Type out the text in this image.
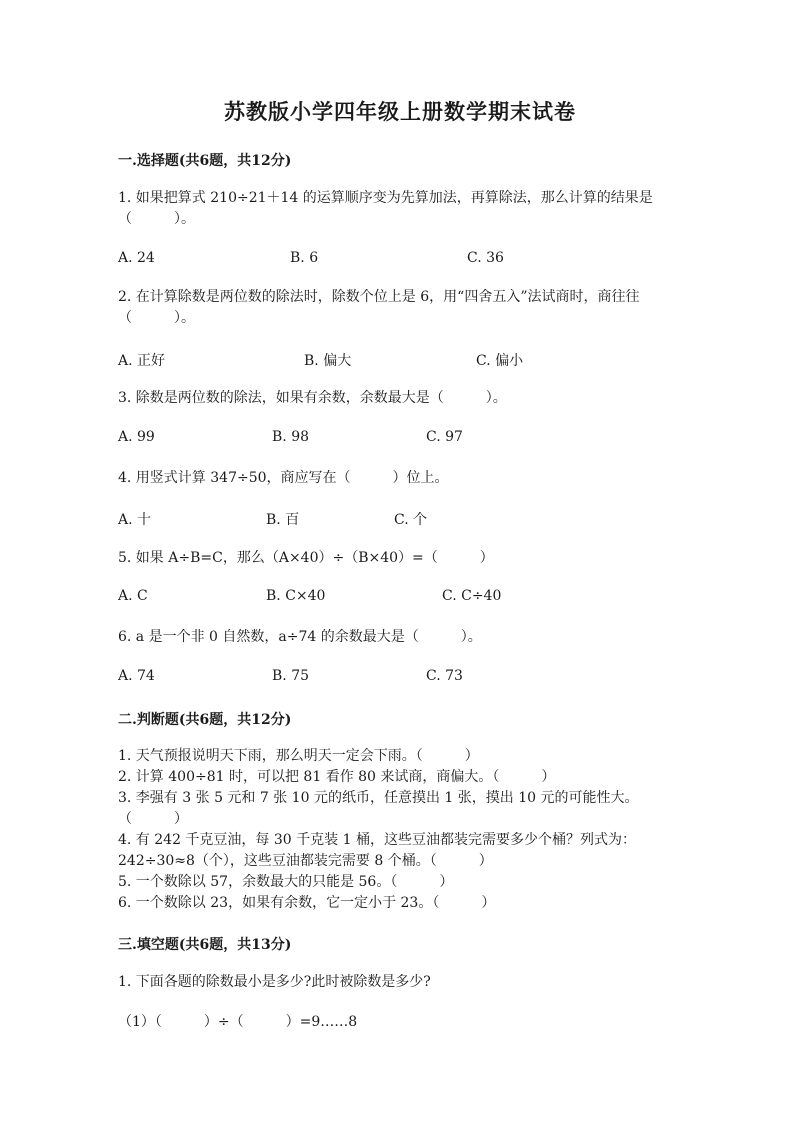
苏教版小学四年级上册数学期末试卷
一.选择题(共6题，共12分)
1. 如果把算式 210÷21＋14 的运算顺序变为先算加法，再算除法，那么计算的结果是（　　　）。
A. 24	B. 6	C. 36
2. 在计算除数是两位数的除法时，除数个位上是 6，用“四舍五入”法试商时，商往往（　　　）。
A. 正好	B. 偏大	C. 偏小
3. 除数是两位数的除法，如果有余数，余数最大是（　　　）。
A. 99	B. 98	C. 97
4. 用竖式计算 347÷50，商应写在（　　　）位上。
A. 十	B. 百	C. 个
5. 如果 A÷B=C，那么（A×40）÷（B×40）=（　　　）
A. C	B. C×40	C. C÷40
6. a 是一个非 0 自然数，a÷74 的余数最大是（　　　）。
A. 74	B. 75	C. 73
二.判断题(共6题，共12分)
1. 天气预报说明天下雨，那么明天一定会下雨。（　　　）
2. 计算 400÷81 时，可以把 81 看作 80 来试商，商偏大。（　　　）
3. 李强有 3 张 5 元和 7 张 10 元的纸币，任意摸出 1 张，摸出 10 元的可能性大。（　　　）
4. 有 242 千克豆油，每 30 千克装 1 桶，这些豆油都装完需要多少个桶？列式为：242÷30≈8（个），这些豆油都装完需要 8 个桶。（　　　）
5. 一个数除以 57，余数最大的只能是 56。（　　　）
6. 一个数除以 23，如果有余数，它一定小于 23。（　　　）
三.填空题(共6题，共13分)
1. 下面各题的除数最小是多少?此时被除数是多少?
（1）（　　　）÷（　　　）=9……8
